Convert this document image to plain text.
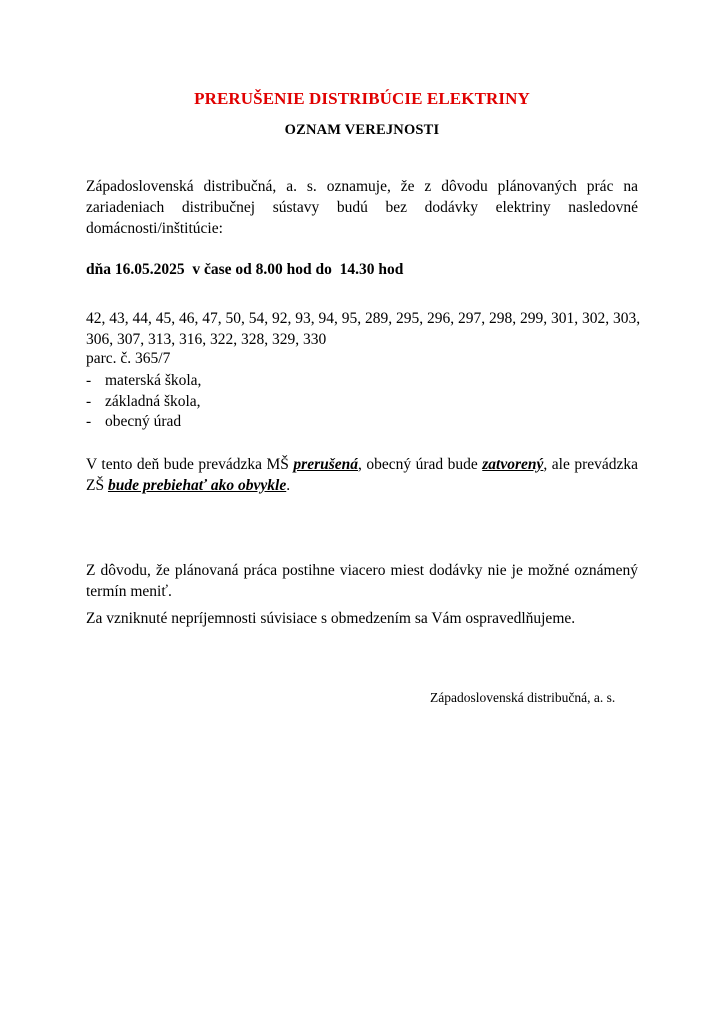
PRERUŠENIE DISTRIBÚCIE ELEKTRINY
OZNAM VEREJNOSTI
Západoslovenská distribučná, a. s. oznamuje, že z dôvodu plánovaných prác na zariadeniach distribučnej sústavy budú bez dodávky elektriny nasledovné domácnosti/inštitúcie:
dňa 16.05.2025  v čase od 8.00 hod do  14.30 hod
42, 43, 44, 45, 46, 47, 50, 54, 92, 93, 94, 95, 289, 295, 296, 297, 298, 299, 301, 302, 303, 306, 307, 313, 316, 322, 328, 329, 330
parc. č. 365/7
- materská škola,
- základná škola,
- obecný úrad
V tento deň bude prevádzka MŠ prerušená, obecný úrad bude zatvorený, ale prevádzka ZŠ bude prebiehať ako obvykle.
Z dôvodu, že plánovaná práca postihne viacero miest dodávky nie je možné oznámený termín meniť.
Za vzniknuté nepríjemnosti súvisiace s obmedzením sa Vám ospravedlňujeme.
Západoslovenská distribučná, a. s.
